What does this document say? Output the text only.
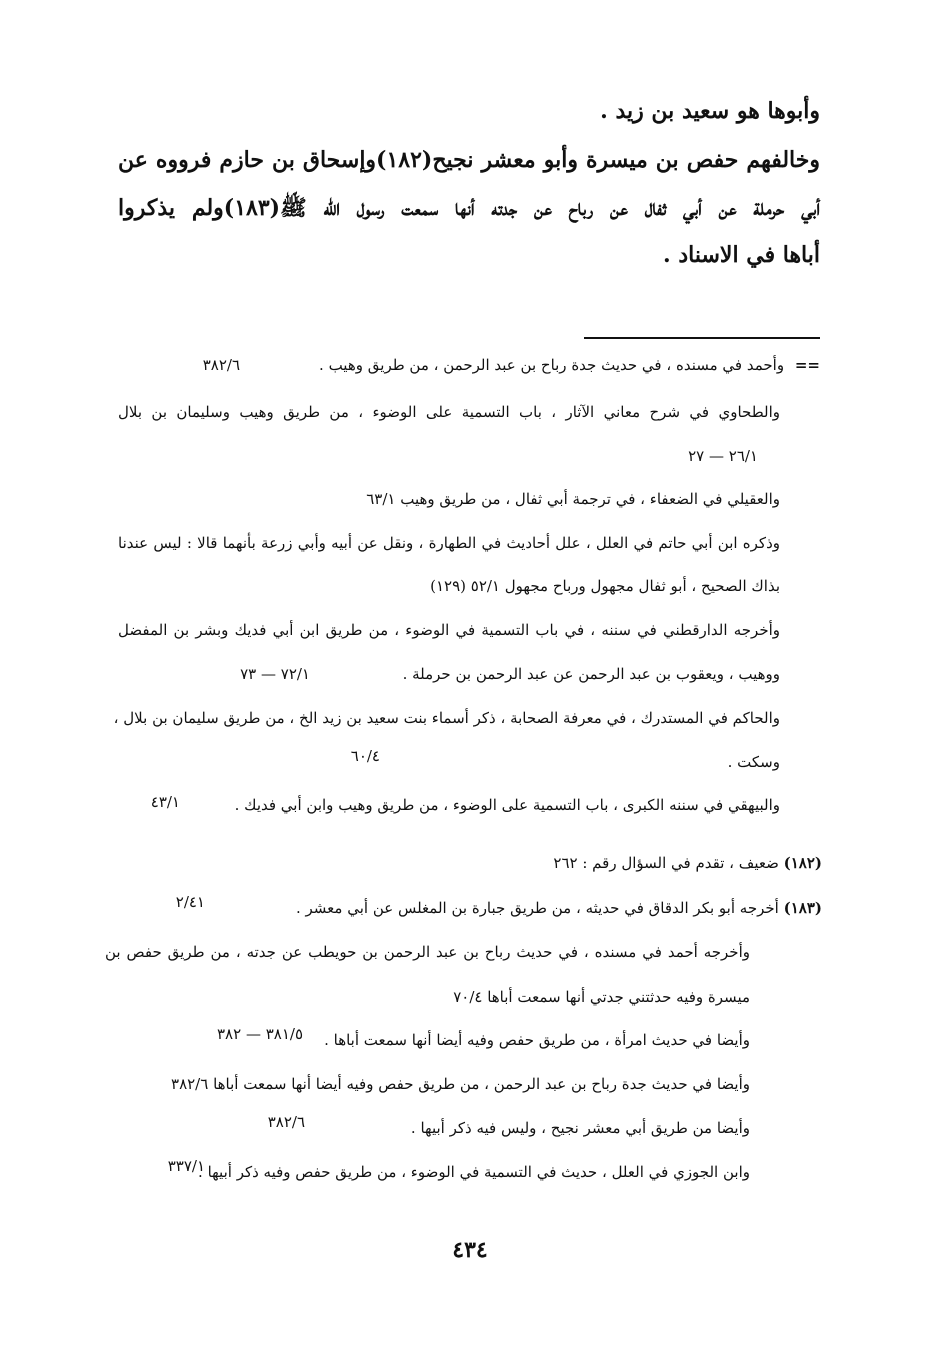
وأبوها هو سعيد بن زيد .
وخالفهم حفص بن ميسرة وأبو معشر نجيح(١٨٢)وإسحاق بن حازم فرووه عن
أبي حرملة عن أبي ثفال عن رباح عن جدته أنها سمعت رسول الله ﷺ(١٨٣)ولم يذكروا
أباها في الاسناد .
== وأحمد في مسنده ، في حديث جدة رباح بن عبد الرحمن ، من طريق وهيب .
٣٨٢/٦
والطحاوي في شرح معاني الآثار ، باب التسمية على الوضوء ، من طريق وهيب وسليمان بن بلال
٢٦/١ — ٢٧
والعقيلي في الضعفاء ، في ترجمة أبي ثفال ، من طريق وهيب ٦٣/١
وذكره ابن أبي حاتم في العلل ، علل أحاديث في الطهارة ، ونقل عن أبيه وأبي زرعة بأنهما قالا : ليس عندنا
بذاك الصحيح ، أبو ثفال مجهول ورباح مجهول ٥٢/١ (١٢٩)
وأخرجه الدارقطني في سننه ، في باب التسمية في الوضوء ، من طريق ابن أبي فديك وبشر بن المفضل
ووهيب ، ويعقوب بن عبد الرحمن عن عبد الرحمن بن حرملة .
٧٢/١ — ٧٣
والحاكم في المستدرك ، في معرفة الصحابة ، ذكر أسماء بنت سعيد بن زيد الخ ، من طريق سليمان بن بلال ،
وسكت .
٦٠/٤
والبيهقي في سننه الكبرى ، باب التسمية على الوضوء ، من طريق وهيب وابن أبي فديك .
٤٣/١
(١٨٢) ضعيف ، تقدم في السؤال رقم : ٢٦٢
(١٨٣) أخرجه أبو بكر الدقاق في حديثه ، من طريق جبارة بن المغلس عن أبي معشر .
٢/٤١
وأخرجه أحمد في مسنده ، في حديث رباح بن عبد الرحمن بن حويطب عن جدته ، من طريق حفص بن
ميسرة وفيه حدثتني جدتي أنها سمعت أباها ٧٠/٤
وأيضا في حديث امرأة ، من طريق حفص وفيه أيضا أنها سمعت أباها .
٣٨١/٥ — ٣٨٢
وأيضا في حديث جدة رباح بن عبد الرحمن ، من طريق حفص وفيه أيضا أنها سمعت أباها ٣٨٢/٦
وأيضا من طريق أبي معشر نجيح ، وليس فيه ذكر أبيها .
٣٨٢/٦
وابن الجوزي في العلل ، حديث في التسمية في الوضوء ، من طريق حفص وفيه ذكر أبيها .
٣٣٧/١
٤٣٤
